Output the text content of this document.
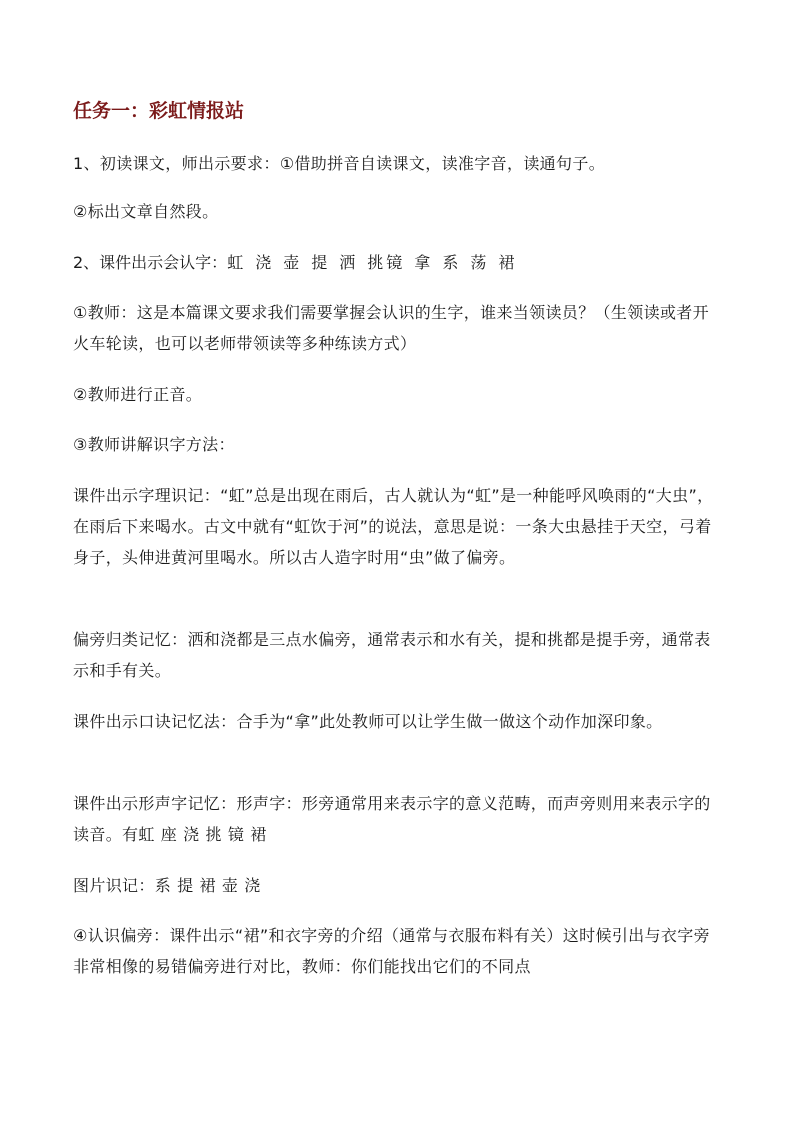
任务一：彩虹情报站
1、初读课文，师出示要求：①借助拼音自读课文，读准字音，读通句子。
②标出文章自然段。
2、课件出示会认字：虹 浇 壶 提 洒 挑 镜 拿 系 荡 裙
①教师：这是本篇课文要求我们需要掌握会认识的生字，谁来当领读员？（生领读或者开火车轮读，也可以老师带领读等多种练读方式）
②教师进行正音。
③教师讲解识字方法：
课件出示字理识记：“虹”总是出现在雨后，古人就认为“虹”是一种能呼风唤雨的“大虫”，在雨后下来喝水。古文中就有“虹饮于河”的说法，意思是说：一条大虫悬挂于天空，弓着身子，头伸进黄河里喝水。所以古人造字时用“虫”做了偏旁。
偏旁归类记忆：洒和浇都是三点水偏旁，通常表示和水有关，提和挑都是提手旁，通常表示和手有关。
课件出示口诀记忆法：合手为“拿”此处教师可以让学生做一做这个动作加深印象。
课件出示形声字记忆：形声字：形旁通常用来表示字的意义范畴，而声旁则用来表示字的读音。有虹 座 浇 挑 镜 裙
图片识记：系 提 裙 壶 浇
④认识偏旁：课件出示“裙”和衣字旁的介绍（通常与衣服布料有关）这时候引出与衣字旁非常相像的易错偏旁进行对比，教师：你们能找出它们的不同点
